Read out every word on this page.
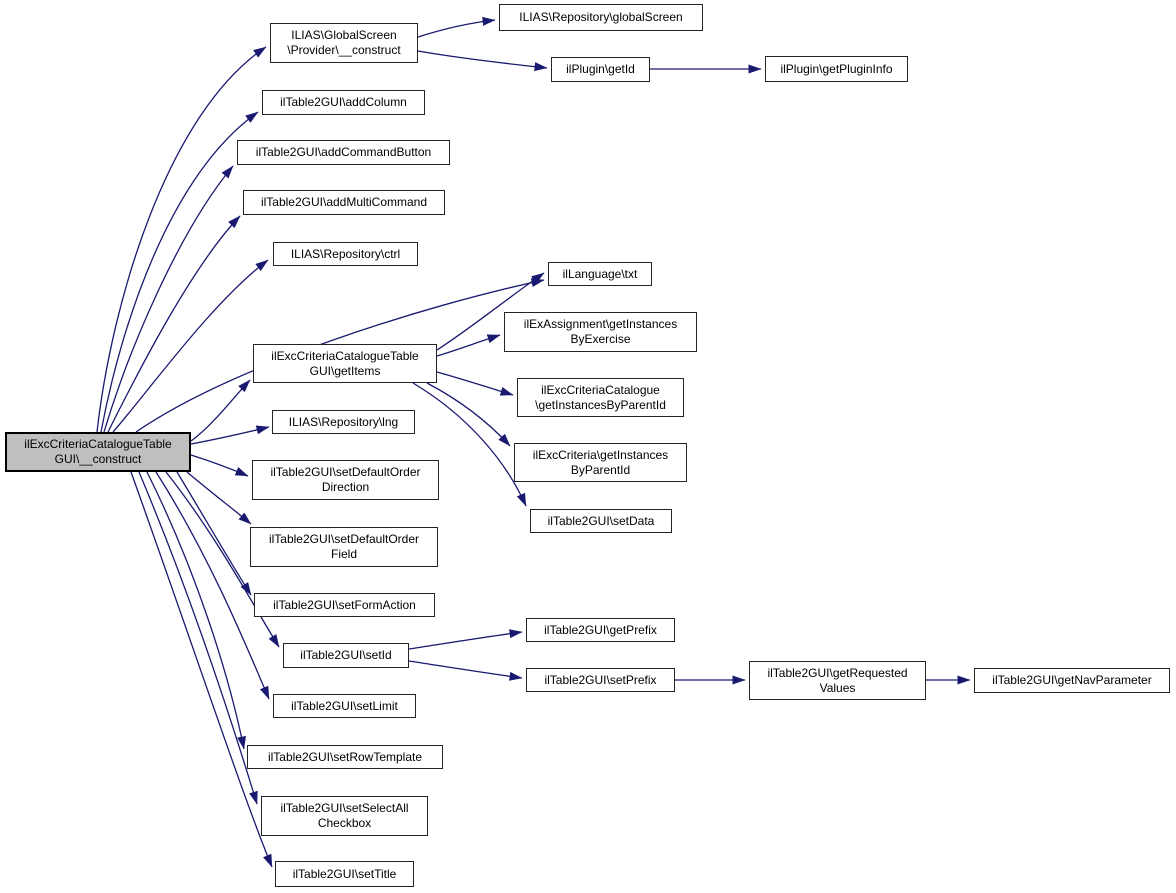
ilExcCriteriaCatalogueTable
GUI\__construct
ILIAS\GlobalScreen
\Provider\__construct
ILIAS\Repository\globalScreen
ilPlugin\getId	ilPlugin\getPluginInfo
ilTable2GUI\addColumn
ilTable2GUI\addCommandButton
ilTable2GUI\addMultiCommand
ILIAS\Repository\ctrl
ilLanguage\txt
ilExcCriteriaCatalogueTable
GUI\getItems
ilExAssignment\getInstances
ByExercise
ilExcCriteriaCatalogue
\getInstancesByParentId
ilExcCriteria\getInstances
ByParentId
ilTable2GUI\setData
ILIAS\Repository\lng
ilTable2GUI\setDefaultOrder
Direction
ilTable2GUI\setDefaultOrder
Field
ilTable2GUI\setFormAction
ilTable2GUI\setId
ilTable2GUI\getPrefix
ilTable2GUI\setPrefix
ilTable2GUI\setLimit
ilTable2GUI\setRowTemplate
ilTable2GUI\setSelectAll
Checkbox
ilTable2GUI\setTitle
ilTable2GUI\getRequested
Values
ilTable2GUI\getNavParameter
